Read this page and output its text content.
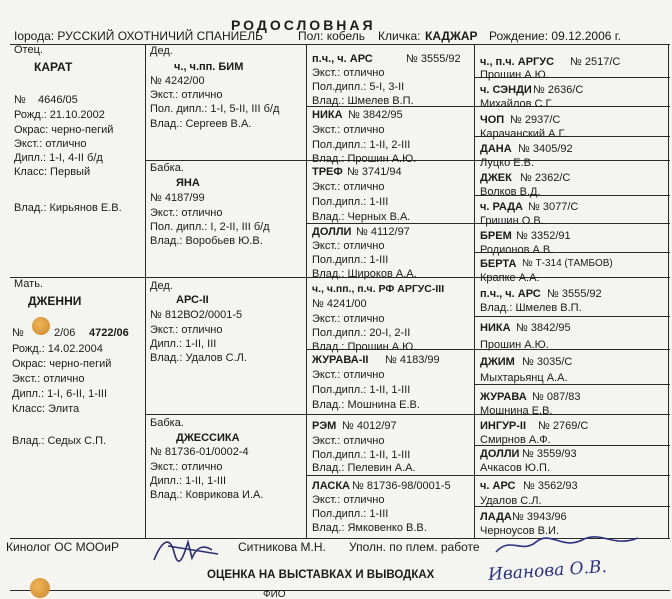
РОДОСЛОВНАЯ
Іорода: РУССКИЙ ОХОТНИЧИЙ СПАНИЕЛЬ	Пол: кобель Кличка: КАДЖАР Рождение: 09.12.2006 г.
Отец.
КАРАТ
№ 4646/05
Рожд.: 21.10.2002
Окрас: черно-пегий
Экст.: отлично
Дипл.: 1-I, 4-II б/д
Класс: Первый
Влад.: Кирьянов Е.В.
Мать.
ДЖЕННИ
№	2/06 4722/06
Рожд.: 14.02.2004
Окрас: черно-пегий
Экст.: отлично
Дипл.: 1-I, 6-II, 1-III
Класс: Элита
Влад.: Седых С.П.
Дед.
ч., ч.пп. БИМ
№ 4242/00
Экст.: отлично
Пол. дипл.: 1-I, 5-II, III б/д
Влад.: Сергеев В.А.
Бабка.
ЯНА
№ 4187/99
Экст.: отлично
Пол. дипл.: I, 2-II, III б/д
Влад.: Воробьев Ю.В.
Дед.
АРС-II
№ 812ВО2/0001-5
Экст.: отлично
Дипл.: 1-II, III
Влад.: Удалов С.Л.
Бабка.
ДЖЕССИКА
№ 81736-01/0002-4
Экст.: отлично
Дипл.: 1-II, 1-III
Влад.: Коврикова И.А.
п.ч., ч. АРС	№ 3555/92
Экст.: отлично
Пол.дипл.: 5-I, 3-II
Влад.: Шмелев В.П.
НИКА № 3842/95
Экст.: отлично
Пол.дипл.: 1-II, 2-III
Влад.: Прошин А.Ю.
ТРЕФ № 3741/94
Экст.: отлично
Пол.дипл.: 1-III
Влад.: Черных В.А.
ДОЛЛИ № 4112/97
Экст.: отлично
Пол.дипл.: 1-III
Влад.: Широков А.А.
ч., ч.пп., п.ч. РФ АРГУС-III
№ 4241/00
Экст.: отлично
Пол.дипл.: 20-I, 2-II
Влад.: Прошин А.Ю.
ЖУРАВА-II № 4183/99
Экст.: отлично
Пол.дипл.: 1-II, 1-III
Влад.: Мошнина Е.В.
РЭМ № 4012/97
Экст.: отлично
Пол.дипл.: 1-II, 1-III
Влад.: Пелевин А.А.
ЛАСКА № 81736-98/0001-5
Экст.: отлично
Пол.дипл.: 1-III
Влад.: Ямковенко В.В.
ч., п.ч. АРГУС № 2517/С
Прошин А.Ю.
ч. СЭНДИ № 2636/С
Михайлов С.Г.
ЧОП № 2937/С
Карачанский А.Г.
ДАНА № 3405/92
Луцко Е.В.
ДЖЕК № 2362/С
Волков В.Д.
ч. РАДА № 3077/С
Гришин О.В.
БРЕМ № 3352/91
Родионов А.В.
БЕРТА № Т-314 (ТАМБОВ)
Крапке А.А.
п.ч., ч. АРС № 3555/92
Влад.: Шмелев В.П.
НИКА № 3842/95
Прошин А.Ю.
ДЖИМ № 3035/С
Мыхтарьянц А.А.
ЖУРАВА № 087/83
Мошнина Е.В.
ИНГУР-II № 2769/С
Смирнов А.Ф.
ДОЛЛИ № 3559/93
Ачкасов Ю.П.
ч. АРС № 3562/93
Удалов С.Л.
ЛАДА № 3943/96
Черноусов В.И.
Кинолог ОС МООиР	Ситникова М.Н. Уполн. по плем. работе
Иванова О.В.
ОЦЕНКА НА ВЫСТАВКАХ И ВЫВОДКАХ
ФИО
